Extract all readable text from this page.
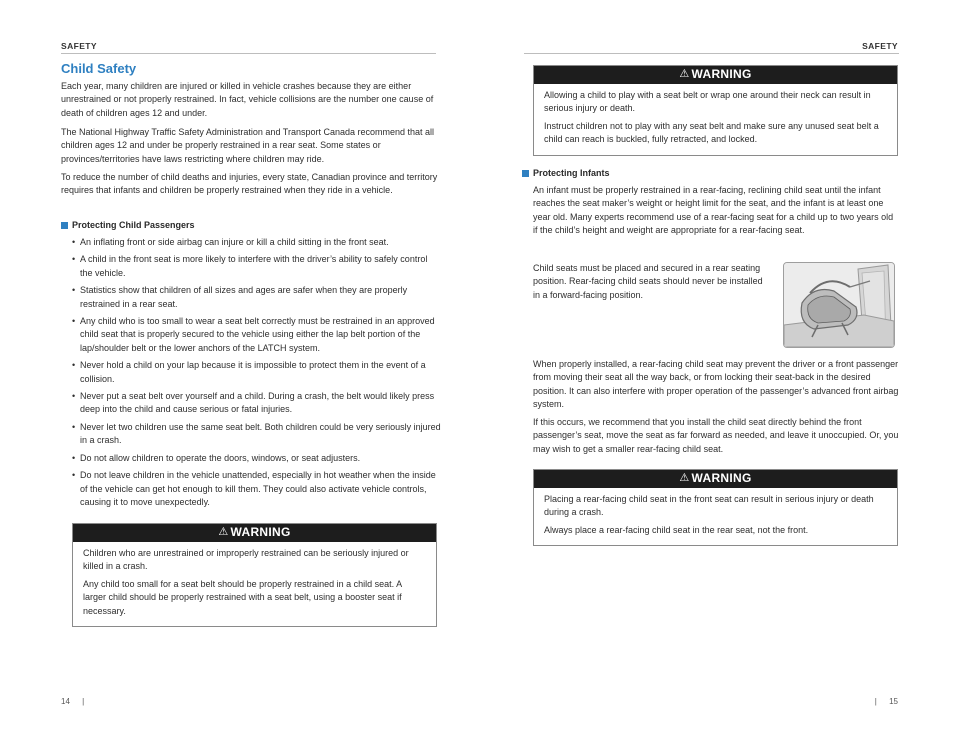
SAFETY
Child Safety

Each year, many children are injured or killed in vehicle crashes because they are either unrestrained or not properly restrained. In fact, vehicle collisions are the number one cause of death of children ages 12 and under.

The National Highway Traffic Safety Administration and Transport Canada recommend that all children ages 12 and under be properly restrained in a rear seat. Some states or provinces/territories have laws restricting where children may ride.

To reduce the number of child deaths and injuries, every state, Canadian province and territory requires that infants and children be properly restrained when they ride in a vehicle.

Protecting Child Passengers
• An inflating front or side airbag can injure or kill a child sitting in the front seat.
• A child in the front seat is more likely to interfere with the driver’s ability to safely control the vehicle.
• Statistics show that children of all sizes and ages are safer when they are properly restrained in a rear seat.
• Any child who is too small to wear a seat belt correctly must be restrained in an approved child seat that is properly secured to the vehicle using either the lap belt portion of the lap/shoulder belt or the lower anchors of the LATCH system.
• Never hold a child on your lap because it is impossible to protect them in the event of a collision.
• Never put a seat belt over yourself and a child. During a crash, the belt would likely press deep into the child and cause serious or fatal injuries.
• Never let two children use the same seat belt. Both children could be very seriously injured in a crash.
• Do not allow children to operate the doors, windows, or seat adjusters.
• Do not leave children in the vehicle unattended, especially in hot weather when the inside of the vehicle can get hot enough to kill them. They could also activate vehicle controls, causing it to move unexpectedly.
⚠ WARNING

Children who are unrestrained or improperly restrained can be seriously injured or killed in a crash.

Any child too small for a seat belt should be properly restrained in a child seat. A larger child should be properly restrained with a seat belt, using a booster seat if necessary.

14 |
SAFETY
⚠ WARNING

Allowing a child to play with a seat belt or wrap one around their neck can result in serious injury or death.

Instruct children not to play with any seat belt and make sure any unused seat belt a child can reach is buckled, fully retracted, and locked.

Protecting Infants

An infant must be properly restrained in a rear-facing, reclining child seat until the infant reaches the seat maker’s weight or height limit for the seat, and the infant is at least one year old. Many experts recommend use of a rear-facing seat for a child up to two years old if the child’s height and weight are appropriate for a rear-facing seat.

Child seats must be placed and secured in a rear seating position. Rear-facing child seats should never be installed in a forward-facing position.

When properly installed, a rear-facing child seat may prevent the driver or a front passenger from moving their seat all the way back, or from locking their seat-back in the desired position. It can also interfere with proper operation of the passenger’s advanced front airbag system.

If this occurs, we recommend that you install the child seat directly behind the front passenger’s seat, move the seat as far forward as needed, and leave it unoccupied. Or, you may wish to get a smaller rear-facing child seat.

⚠ WARNING

Placing a rear-facing child seat in the front seat can result in serious injury or death during a crash.

Always place a rear-facing child seat in the rear seat, not the front.

| 15
